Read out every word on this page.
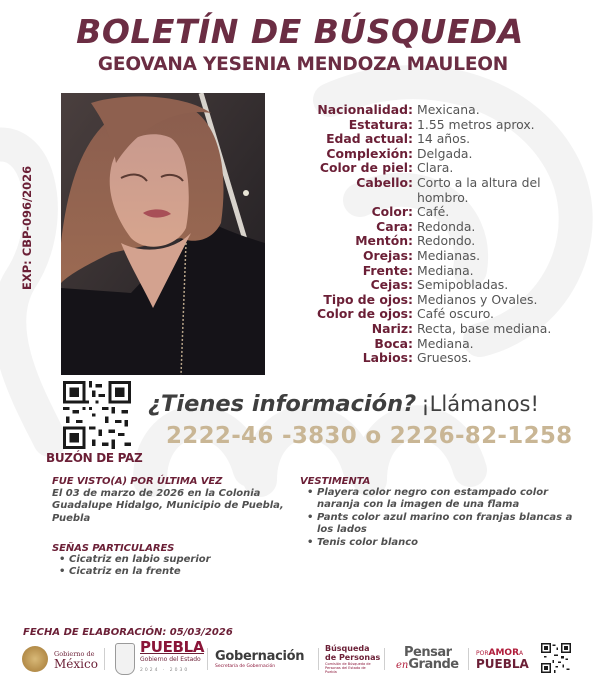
BOLETÍN DE BÚSQUEDA
GEOVANA YESENIA MENDOZA MAULEON
EXP: CBP-096/2026
Nacionalidad: Mexicana.
Estatura: 1.55 metros aprox.
Edad actual: 14 años.
Complexión: Delgada.
Color de piel: Clara.
Cabello: Corto a la altura del hombro.
Color: Café.
Cara: Redonda.
Mentón: Redondo.
Orejas: Medianas.
Frente: Mediana.
Cejas: Semipobladas.
Tipo de ojos: Medianos y Ovales.
Color de ojos: Café oscuro.
Nariz: Recta, base mediana.
Boca: Mediana.
Labios: Gruesos.
BUZÓN DE PAZ
¿Tienes información? ¡Llámanos!
2222-46 -3830 o 2226-82-1258
FUE VISTO(A) POR ÚLTIMA VEZ
El 03 de marzo de 2026 en la Colonia Guadalupe Hidalgo, Municipio de Puebla, Puebla
SEÑAS PARTICULARES
• Cicatriz en labio superior
• Cicatriz en la frente
VESTIMENTA
• Playera color negro con estampado color naranja con la imagen de una flama
• Pants color azul marino con franjas blancas a los lados
• Tenis color blanco
FECHA DE ELABORACIÓN: 05/03/2026
Gobierno de
México
PUEBLA
Gobierno del Estado
2024 · 2030
Gobernación
Secretaría de Gobernación
Búsqueda
de Personas
Comisión de Búsqueda de Personas del Estado de Puebla
Pensar
en Grande
PORAMORA
PUEBLA
